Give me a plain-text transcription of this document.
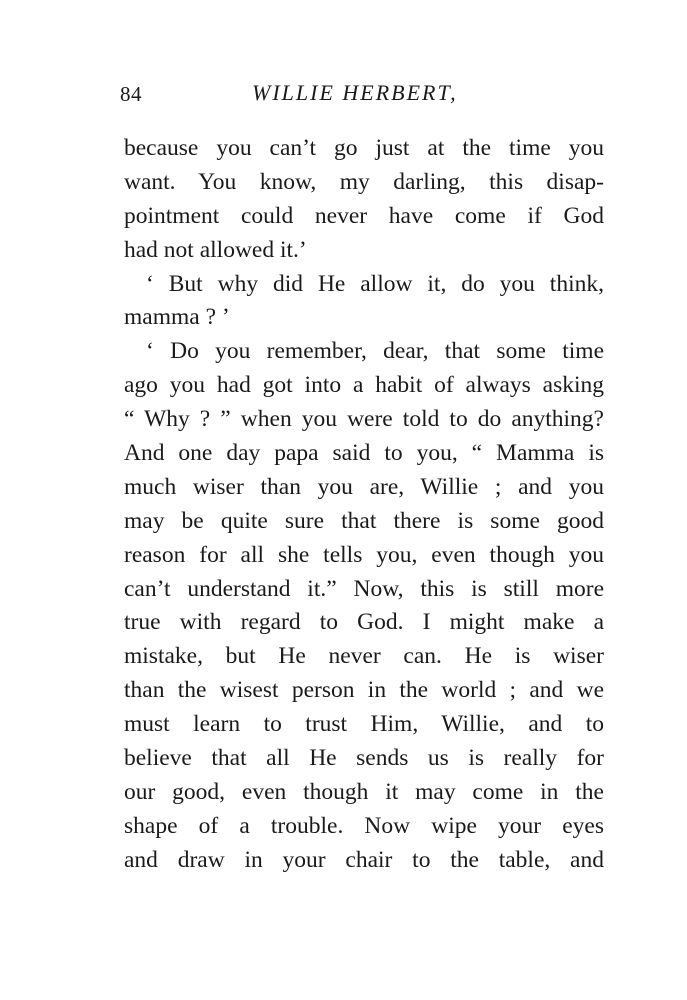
84	WILLIE HERBERT,
because you can’t go just at the time you
want. You know, my darling, this disap-
pointment could never have come if God
had not allowed it.’
‘ But why did He allow it, do you think,
mamma ? ’
‘ Do you remember, dear, that some time
ago you had got into a habit of always asking
“ Why ? ” when you were told to do anything?
And one day papa said to you, “ Mamma is
much wiser than you are, Willie ; and you
may be quite sure that there is some good
reason for all she tells you, even though you
can’t understand it.” Now, this is still more
true with regard to God. I might make a
mistake, but He never can. He is wiser
than the wisest person in the world ; and we
must learn to trust Him, Willie, and to
believe that all He sends us is really for
our good, even though it may come in the
shape of a trouble. Now wipe your eyes
and draw in your chair to the table, and
